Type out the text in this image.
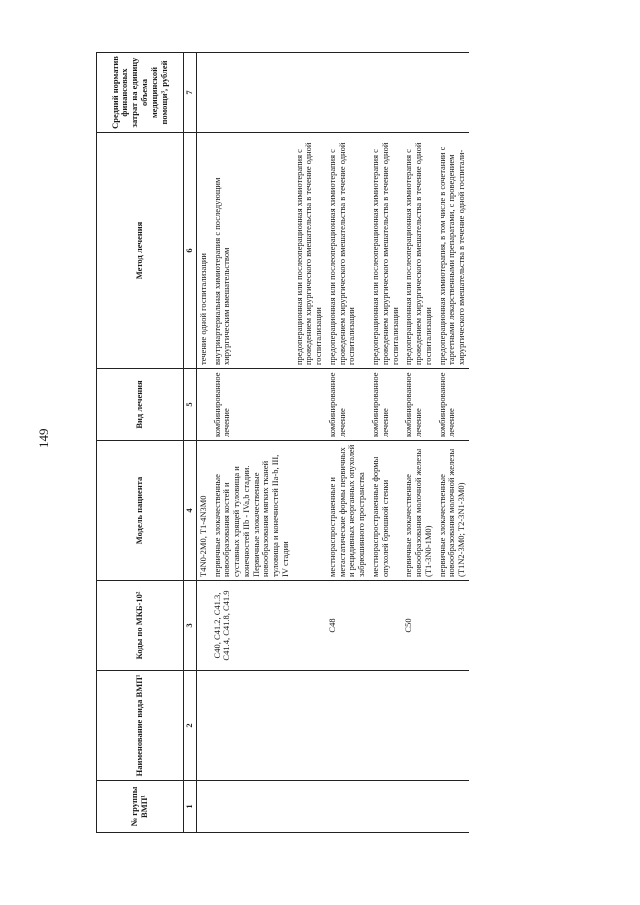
149
№ группы ВМП¹	Наименование вида ВМП¹	Коды по МКБ-10²	Модель пациента	Вид лечения	Метод лечения	Средний норматив финансовых затрат на единицу объема медицинской помощи³, рублей
1	2	3	4	5	6	7
			T4N0-2M0, T1-4N3M0		течение одной госпитализации	
		C40, C41.2, C41.3, C41.4, C41.8, C41.9	первичные злокачественные новообразования костей и суставных хрящей туловища и конечностей IIb - IVa,b стадии. Первичные злокачественные новообразования мягких тканей туловища и конечностей IIa-b, III, IV стадии	комбинированное лечение	внутриартериальная химиотерапия с последующим хирургическим вмешательством	
					предоперационная или послеоперационная химиотерапия с проведением хирургического вмешательства в течение одной госпитализации	
		C48	местнораспространенные и метастатические формы первичных и рецидивных неорганных опухолей забрюшинного пространства	комбинированное лечение	предоперационная или послеоперационная химиотерапия с проведением хирургического вмешательства в течение одной госпитализации	
			местнораспространенные формы опухолей брюшной стенки	комбинированное лечение	предоперационная или послеоперационная химиотерапия с проведением хирургического вмешательства в течение одной госпитализации	
		C50	первичные злокачественные новообразования молочной железы (T1-3N0-1M0)	комбинированное лечение	предоперационная или послеоперационная химиотерапия с проведением хирургического вмешательства в течение одной госпитализации	
			первичные злокачественные новообразования молочной железы (T1N2-3M0; T2-3N1-3M0)	комбинированное лечение	предоперационная химиотерапия, в том числе в сочетании с таргетными лекарственными препаратами, с проведением хирургического вмешательства в течение одной госпитали-	
